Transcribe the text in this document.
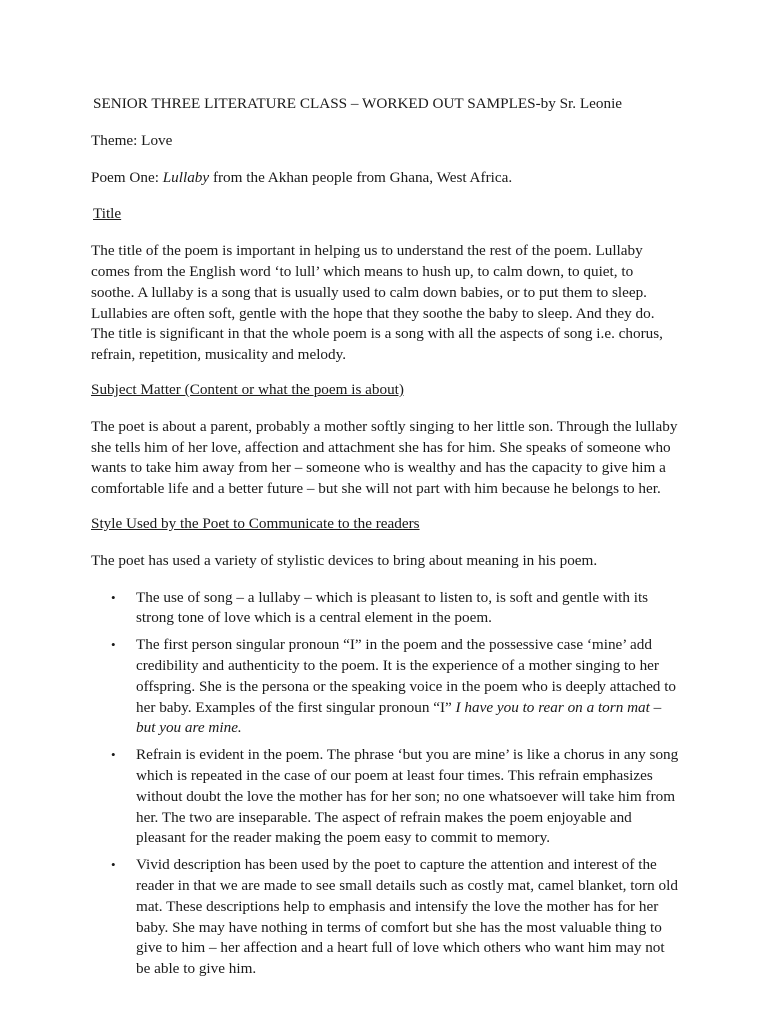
SENIOR THREE LITERATURE CLASS – WORKED OUT SAMPLES-by Sr. Leonie

Theme: Love

Poem One: Lullaby from the Akhan people from Ghana, West Africa.

Title

The title of the poem is important in helping us to understand the rest of the poem. Lullaby comes from the English word ‘to lull’ which means to hush up, to calm down, to quiet, to soothe. A lullaby is a song that is usually used to calm down babies, or to put them to sleep. Lullabies are often soft, gentle with the hope that they soothe the baby to sleep. And they do. The title is significant in that the whole poem is a song with all the aspects of song i.e. chorus, refrain, repetition, musicality and melody.

Subject Matter (Content or what the poem is about)

The poet is about a parent, probably a mother softly singing to her little son. Through the lullaby she tells him of her love, affection and attachment she has for him. She speaks of someone who wants to take him away from her – someone who is wealthy and has the capacity to give him a comfortable life and a better future – but she will not part with him because he belongs to her.

Style Used by the Poet to Communicate to the readers

The poet has used a variety of stylistic devices to bring about meaning in his poem.

• The use of song – a lullaby – which is pleasant to listen to, is soft and gentle with its strong tone of love which is a central element in the poem.
• The first person singular pronoun “I” in the poem and the possessive case ‘mine’ add credibility and authenticity to the poem. It is the experience of a mother singing to her offspring. She is the persona or the speaking voice in the poem who is deeply attached to her baby. Examples of the first singular pronoun “I” I have you to rear on a torn mat – but you are mine.
• Refrain is evident in the poem. The phrase ‘but you are mine’ is like a chorus in any song which is repeated in the case of our poem at least four times. This refrain emphasizes without doubt the love the mother has for her son; no one whatsoever will take him from her. The two are inseparable. The aspect of refrain makes the poem enjoyable and pleasant for the reader making the poem easy to commit to memory.
• Vivid description has been used by the poet to capture the attention and interest of the reader in that we are made to see small details such as costly mat, camel blanket, torn old mat. These descriptions help to emphasis and intensify the love the mother has for her baby. She may have nothing in terms of comfort but she has the most valuable thing to give to him – her affection and a heart full of love which others who want him may not be able to give him.
